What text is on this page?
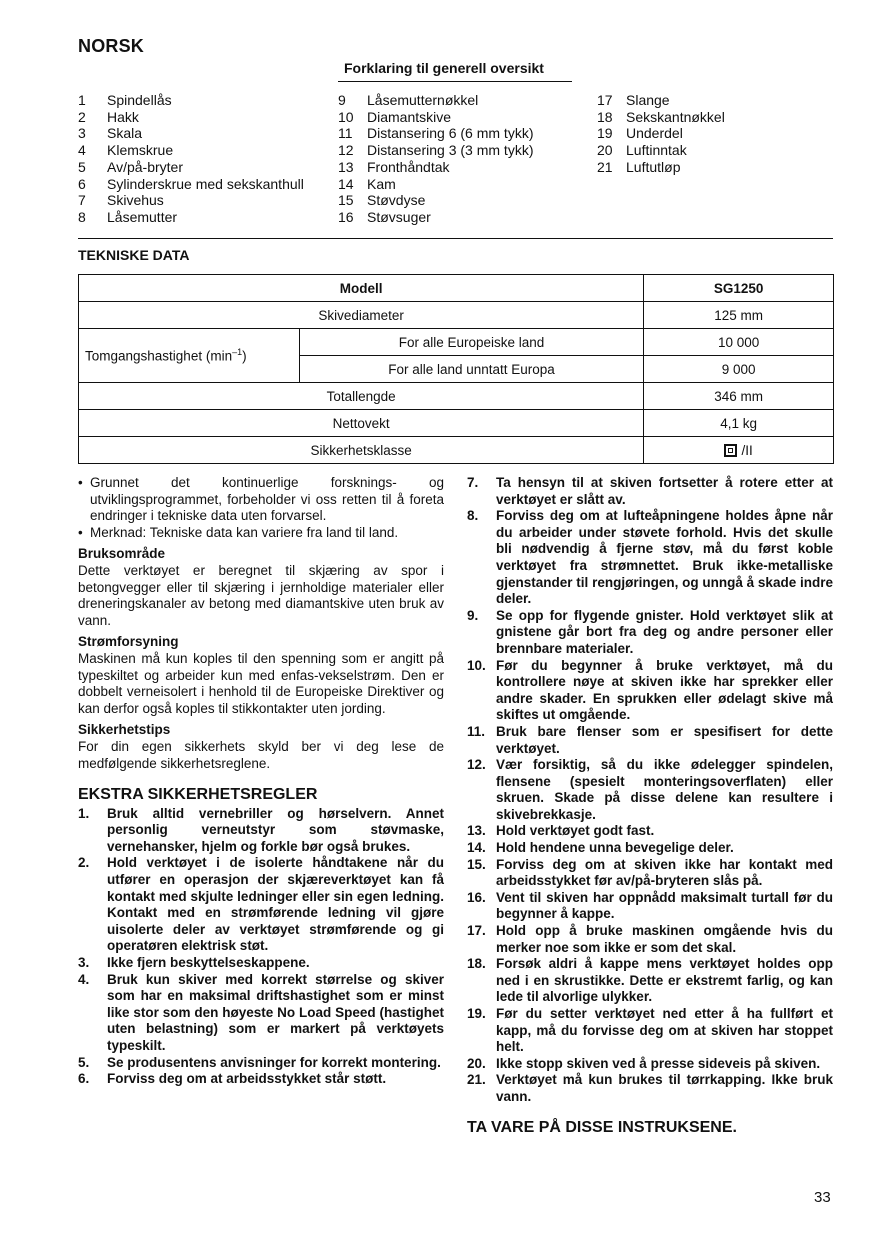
NORSK
Forklaring til generell oversikt
1	Spindellås
2	Hakk
3	Skala
4	Klemskrue
5	Av/på-bryter
6	Sylinderskrue med sekskanthull
7	Skivehus
8	Låsemutter
9	Låsemutternøkkel
10 Diamantskive
11	Distansering 6 (6 mm tykk)
12 Distansering 3 (3 mm tykk)
13 Fronthåndtak
14 Kam
15 Støvdyse
16 Støvsuger
17 Slange
18 Sekskantnøkkel
19 Underdel
20 Luftinntak
21 Luftutløp
TEKNISKE DATA
Modell		SG1250
Skivediameter		125 mm
Tomgangshastighet $(\min^{-1})$	For alle Europeiske land	10 000
	For alle land unntatt Europa	9 000
Totallengde		346 mm
Nettovekt		4,1 kg
Sikkerhetsklasse		/II
• Grunnet det kontinuerlige forsknings- og utviklingsprogrammet, forbeholder vi oss retten til å foreta endringer i tekniske data uten forvarsel.
• Merknad: Tekniske data kan variere fra land til land.
Bruksområde

Dette verktøyet er beregnet til skjæring av spor i betongvegger eller til skjæring i jernholdige materialer eller dreneringskanaler av betong med diamantskive uten bruk av vann.

Strømforsyning

Maskinen må kun koples til den spenning som er angitt på typeskiltet og arbeider kun med enfas-vekselstrøm. Den er dobbelt verneisolert i henhold til de Europeiske Direktiver og kan derfor også koples til stikkontakter uten jording.

Sikkerhetstips

For din egen sikkerhets skyld ber vi deg lese de medfølgende sikkerhetsreglene.

EKSTRA SIKKERHETSREGLER
1.	Bruk alltid vernebriller og hørselvern. Annet personlig verneutstyr som støvmaske, vernehansker, hjelm og forkle bør også brukes.
2.	Hold verktøyet i de isolerte håndtakene når du utfører en operasjon der skjæreverktøyet kan få kontakt med skjulte ledninger eller sin egen ledning. Kontakt med en strømførende ledning vil gjøre uisolerte deler av verktøyet strømførende og gi operatøren elektrisk støt.
3.	Ikke fjern beskyttelseskappene.
4.	Bruk kun skiver med korrekt størrelse og skiver som har en maksimal driftshastighet som er minst like stor som den høyeste No Load Speed (hastighet uten belastning) som er markert på verktøyets typeskilt.
5.	Se produsentens anvisninger for korrekt montering.
6.	Forviss deg om at arbeidsstykket står støtt.
7.	Ta hensyn til at skiven fortsetter å rotere etter at verktøyet er slått av.
8.	Forviss deg om at lufteåpningene holdes åpne når du arbeider under støvete forhold. Hvis det skulle bli nødvendig å fjerne støv, må du først koble verktøyet fra strømnettet. Bruk ikke-metalliske gjenstander til rengjøringen, og unngå å skade indre deler.
9.	Se opp for flygende gnister. Hold verktøyet slik at gnistene går bort fra deg og andre personer eller brennbare materialer.
10. Før du begynner å bruke verktøyet, må du kontrollere nøye at skiven ikke har sprekker eller andre skader. En sprukken eller ødelagt skive må skiftes ut omgående.
11. Bruk bare flenser som er spesifisert for dette verktøyet.
12. Vær forsiktig, så du ikke ødelegger spindelen, flensene (spesielt monteringsoverflaten) eller skruen. Skade på disse delene kan resultere i skivebrekkasje.
13. Hold verktøyet godt fast.
14. Hold hendene unna bevegelige deler.
15. Forviss deg om at skiven ikke har kontakt med arbeidsstykket før av/på-bryteren slås på.
16. Vent til skiven har oppnådd maksimalt turtall før du begynner å kappe.
17. Hold opp å bruke maskinen omgående hvis du merker noe som ikke er som det skal.
18. Forsøk aldri å kappe mens verktøyet holdes opp ned i en skrustikke. Dette er ekstremt farlig, og kan lede til alvorlige ulykker.
19. Før du setter verktøyet ned etter å ha fullført et kapp, må du forvisse deg om at skiven har stoppet helt.
20. Ikke stopp skiven ved å presse sideveis på skiven.
21. Verktøyet må kun brukes til tørrkapping. Ikke bruk vann.
TA VARE PÅ DISSE INSTRUKSENE.
33
